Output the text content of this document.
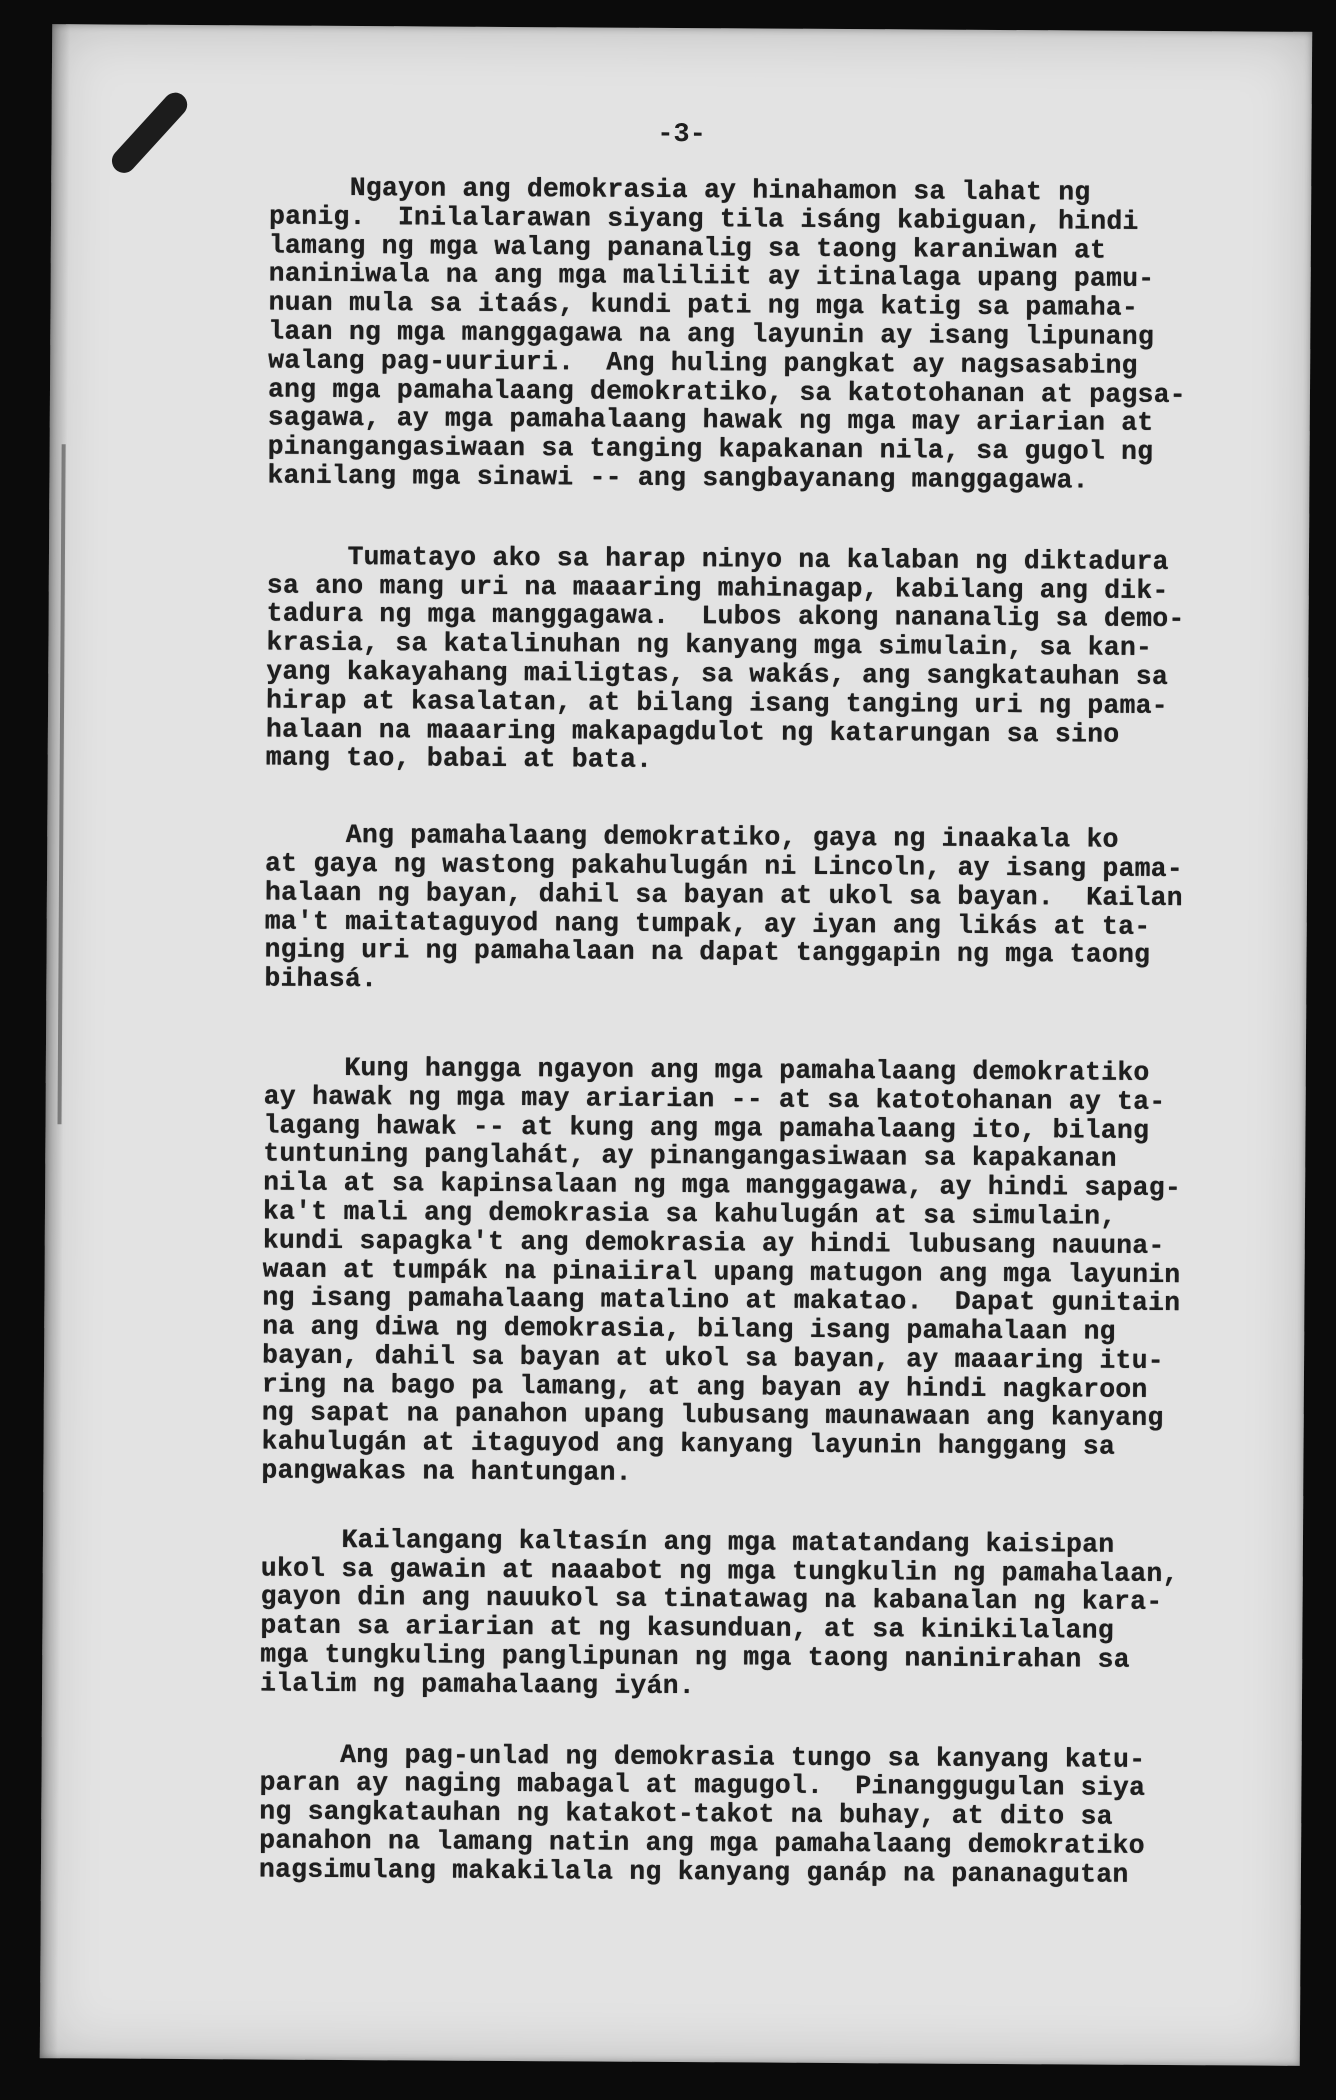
-3-
Ngayon ang demokrasia ay hinahamon sa lahat ng
panig.  Inilalarawan siyang tila isáng kabiguan, hindi
lamang ng mga walang pananalig sa taong karaniwan at
naniniwala na ang mga maliliit ay itinalaga upang pamu-
nuan mula sa itaás, kundi pati ng mga katig sa pamaha-
laan ng mga manggagawa na ang layunin ay isang lipunang
walang pag-uuriuri.  Ang huling pangkat ay nagsasabing
ang mga pamahalaang demokratiko, sa katotohanan at pagsa-
sagawa, ay mga pamahalaang hawak ng mga may ariarian at
pinangangasiwaan sa tanging kapakanan nila, sa gugol ng
kanilang mga sinawi -- ang sangbayanang manggagawa.
Tumatayo ako sa harap ninyo na kalaban ng diktadura
sa ano mang uri na maaaring mahinagap, kabilang ang dik-
tadura ng mga manggagawa.  Lubos akong nananalig sa demo-
krasia, sa katalinuhan ng kanyang mga simulain, sa kan-
yang kakayahang mailigtas, sa wakás, ang sangkatauhan sa
hirap at kasalatan, at bilang isang tanging uri ng pama-
halaan na maaaring makapagdulot ng katarungan sa sino
mang tao, babai at bata.
Ang pamahalaang demokratiko, gaya ng inaakala ko
at gaya ng wastong pakahulugán ni Lincoln, ay isang pama-
halaan ng bayan, dahil sa bayan at ukol sa bayan.  Kailan
ma't maitataguyod nang tumpak, ay iyan ang likás at ta-
nging uri ng pamahalaan na dapat tanggapin ng mga taong
bihasá.
Kung hangga ngayon ang mga pamahalaang demokratiko
ay hawak ng mga may ariarian -- at sa katotohanan ay ta-
lagang hawak -- at kung ang mga pamahalaang ito, bilang
tuntuning panglahát, ay pinangangasiwaan sa kapakanan
nila at sa kapinsalaan ng mga manggagawa, ay hindi sapag-
ka't mali ang demokrasia sa kahulugán at sa simulain,
kundi sapagka't ang demokrasia ay hindi lubusang nauuna-
waan at tumpák na pinaiiral upang matugon ang mga layunin
ng isang pamahalaang matalino at makatao.  Dapat gunitain
na ang diwa ng demokrasia, bilang isang pamahalaan ng
bayan, dahil sa bayan at ukol sa bayan, ay maaaring itu-
ring na bago pa lamang, at ang bayan ay hindi nagkaroon
ng sapat na panahon upang lubusang maunawaan ang kanyang
kahulugán at itaguyod ang kanyang layunin hanggang sa
pangwakas na hantungan.
Kailangang kaltasín ang mga matatandang kaisipan
ukol sa gawain at naaabot ng mga tungkulin ng pamahalaan,
gayon din ang nauukol sa tinatawag na kabanalan ng kara-
patan sa ariarian at ng kasunduan, at sa kinikilalang
mga tungkuling panglipunan ng mga taong naninirahan sa
ilalim ng pamahalaang iyán.
Ang pag-unlad ng demokrasia tungo sa kanyang katu-
paran ay naging mabagal at magugol.  Pinanggugulan siya
ng sangkatauhan ng katakot-takot na buhay, at dito sa
panahon na lamang natin ang mga pamahalaang demokratiko
nagsimulang makakilala ng kanyang ganáp na pananagutan
